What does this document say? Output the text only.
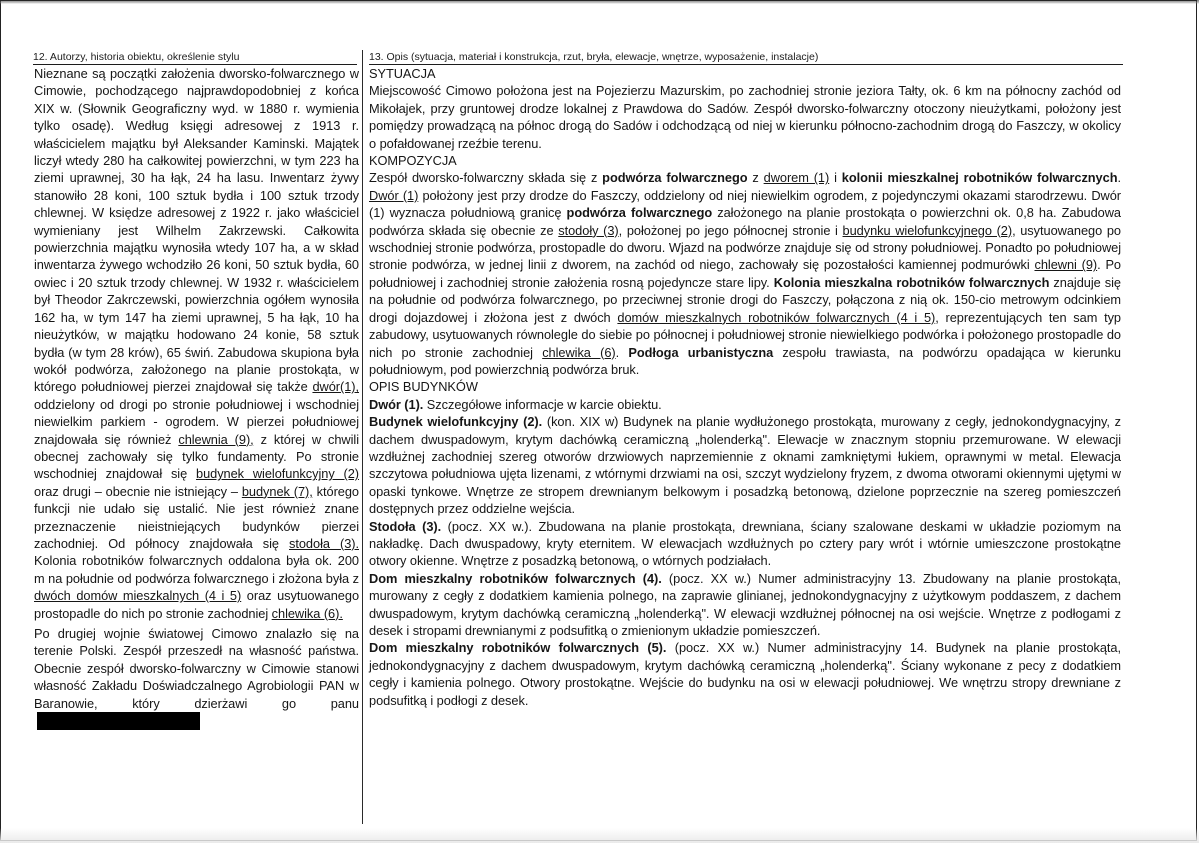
12. Autorzy, historia obiektu, określenie stylu	13. Opis (sytuacja, materiał i konstrukcja, rzut, bryła, elewacje, wnętrze, wyposażenie, instalacje)

Nieznane są początki założenia dworsko-folwarcznego w Cimowie, pochodzącego najprawdopodobniej z końca XIX w. (Słownik Geograficzny wyd. w 1880 r. wymienia tylko osadę). Według księgi adresowej z 1913 r. właścicielem majątku był Aleksander Kaminski. Majątek liczył wtedy 280 ha całkowitej powierzchni, w tym 223 ha ziemi uprawnej, 30 ha łąk, 24 ha lasu. Inwentarz żywy stanowiło 28 koni, 100 sztuk bydła i 100 sztuk trzody chlewnej. W księdze adresowej z 1922 r. jako właściciel wymieniany jest Wilhelm Zakrzewski. Całkowita powierzchnia majątku wynosiła wtedy 107 ha, a w skład inwentarza żywego wchodziło 26 koni, 50 sztuk bydła, 60 owiec i 20 sztuk trzody chlewnej. W 1932 r. właścicielem był Theodor Zakrczewski, powierzchnia ogółem wynosiła 162 ha, w tym 147 ha ziemi uprawnej, 5 ha łąk, 10 ha nieużytków, w majątku hodowano 24 konie, 58 sztuk bydła (w tym 28 krów), 65 świń. Zabudowa skupiona była wokół podwórza, założonego na planie prostokąta, w którego południowej pierzei znajdował się także dwór(1), oddzielony od drogi po stronie południowej i wschodniej niewielkim parkiem - ogrodem. W pierzei południowej znajdowała się również chlewnia (9), z której w chwili obecnej zachowały się tylko fundamenty. Po stronie wschodniej znajdował się budynek wielofunkcyjny (2) oraz drugi – obecnie nie istniejący – budynek (7), którego funkcji nie udało się ustalić. Nie jest również znane przeznaczenie nieistniejących budynków pierzei zachodniej. Od północy znajdowała się stodoła (3). Kolonia robotników folwarcznych oddalona była ok. 200 m na południe od podwórza folwarcznego i złożona była z dwóch domów mieszkalnych (4 i 5) oraz usytuowanego prostopadle do nich po stronie zachodniej chlewika (6).

Po drugiej wojnie światowej Cimowo znalazło się na terenie Polski. Zespół przeszedł na własność państwa. Obecnie zespół dworsko-folwarczny w Cimowie stanowi własność Zakładu Doświadczalnego Agrobiologii PAN w Baranowie, który dzierżawi go panu

SYTUACJA

Miejscowość Cimowo położona jest na Pojezierzu Mazurskim, po zachodniej stronie jeziora Tałty, ok. 6 km na północny zachód od Mikołajek, przy gruntowej drodze lokalnej z Prawdowa do Sadów. Zespół dworsko-folwarczny otoczony nieużytkami, położony jest pomiędzy prowadzącą na północ drogą do Sadów i odchodzącą od niej w kierunku północno-zachodnim drogą do Faszczy, w okolicy o pofałdowanej rzeźbie terenu.

KOMPOZYCJA

Zespół dworsko-folwarczny składa się z podwórza folwarcznego z dworem (1) i kolonii mieszkalnej robotników folwarcznych. Dwór (1) położony jest przy drodze do Faszczy, oddzielony od niej niewielkim ogrodem, z pojedynczymi okazami starodrzewu. Dwór (1) wyznacza południową granicę podwórza folwarcznego założonego na planie prostokąta o powierzchni ok. 0,8 ha. Zabudowa podwórza składa się obecnie ze stodoły (3), położonej po jego północnej stronie i budynku wielofunkcyjnego (2), usytuowanego po wschodniej stronie podwórza, prostopadle do dworu. Wjazd na podwórze znajduje się od strony południowej. Ponadto po południowej stronie podwórza, w jednej linii z dworem, na zachód od niego, zachowały się pozostałości kamiennej podmurówki chlewni (9). Po południowej i zachodniej stronie założenia rosną pojedyncze stare lipy. Kolonia mieszkalna robotników folwarcznych znajduje się na południe od podwórza folwarcznego, po przeciwnej stronie drogi do Faszczy, połączona z nią ok. 150-cio metrowym odcinkiem drogi dojazdowej i złożona jest z dwóch domów mieszkalnych robotników folwarcznych (4 i 5), reprezentujących ten sam typ zabudowy, usytuowanych równolegle do siebie po północnej i południowej stronie niewielkiego podwórka i położonego prostopadle do nich po stronie zachodniej chlewika (6). Podłoga urbanistyczna zespołu trawiasta, na podwórzu opadająca w kierunku południowym, pod powierzchnią podwórza bruk.

OPIS BUDYNKÓW

Dwór (1). Szczegółowe informacje w karcie obiektu.

Budynek wielofunkcyjny (2). (kon. XIX w) Budynek na planie wydłużonego prostokąta, murowany z cegły, jednokondygnacyjny, z dachem dwuspadowym, krytym dachówką ceramiczną „holenderką". Elewacje w znacznym stopniu przemurowane. W elewacji wzdłużnej zachodniej szereg otworów drzwiowych naprzemiennie z oknami zamkniętymi łukiem, oprawnymi w metal. Elewacja szczytowa południowa ujęta lizenami, z wtórnymi drzwiami na osi, szczyt wydzielony fryzem, z dwoma otworami okiennymi ujętymi w opaski tynkowe. Wnętrze ze stropem drewnianym belkowym i posadzką betonową, dzielone poprzecznie na szereg pomieszczeń dostępnych przez oddzielne wejścia.

Stodoła (3). (pocz. XX w.). Zbudowana na planie prostokąta, drewniana, ściany szalowane deskami w układzie poziomym na nakładkę. Dach dwuspadowy, kryty eternitem. W elewacjach wzdłużnych po cztery pary wrót i wtórnie umieszczone prostokątne otwory okienne. Wnętrze z posadzką betonową, o wtórnych podziałach.

Dom mieszkalny robotników folwarcznych (4). (pocz. XX w.) Numer administracyjny 13. Zbudowany na planie prostokąta, murowany z cegły z dodatkiem kamienia polnego, na zaprawie glinianej, jednokondygnacyjny z użytkowym poddaszem, z dachem dwuspadowym, krytym dachówką ceramiczną „holenderką". W elewacji wzdłużnej północnej na osi wejście. Wnętrze z podłogami z desek i stropami drewnianymi z podsufitką o zmienionym układzie pomieszczeń.

Dom mieszkalny robotników folwarcznych (5). (pocz. XX w.) Numer administracyjny 14. Budynek na planie prostokąta, jednokondygnacyjny z dachem dwuspadowym, krytym dachówką ceramiczną „holenderką". Ściany wykonane z pecy z dodatkiem cegły i kamienia polnego. Otwory prostokątne. Wejście do budynku na osi w elewacji południowej. We wnętrzu stropy drewniane z podsufitką i podłogi z desek.
